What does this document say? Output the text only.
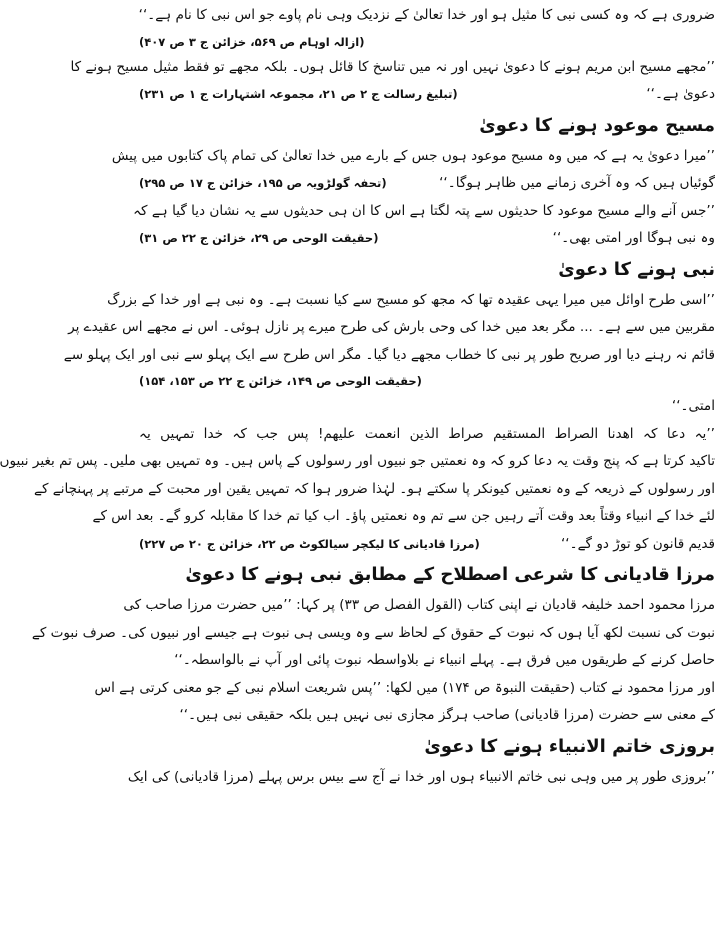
ضروری ہے کہ وہ کسی نبی کا مثیل ہو اور خدا تعالیٰ کے نزدیک وہی نام پاوے جو اس نبی کا نام ہے۔‘‘
(ازالہ اوہام ص ۵۶۹، خزائن ج ۳ ص ۴۰۷)
’’مجھے مسیح ابن مریم ہونے کا دعویٰ نہیں اور نہ میں تناسخ کا قائل ہوں۔ بلکہ مجھے تو فقط مثیل مسیح ہونے کا
دعویٰ ہے۔‘‘
(تبلیغ رسالت ج ۲ ص ۲۱، مجموعہ اشتہارات ج ۱ ص ۲۳۱)
مسیح موعود ہونے کا دعویٰ
’’میرا دعویٰ یہ ہے کہ میں وہ مسیح موعود ہوں جس کے بارے میں خدا تعالیٰ کی تمام پاک کتابوں میں پیش
گوئیاں ہیں کہ وہ آخری زمانے میں ظاہر ہوگا۔‘‘
(تحفہ گولڑویہ ص ۱۹۵، خزائن ج ۱۷ ص ۲۹۵)
’’جس آنے والے مسیح موعود کا حدیثوں سے پتہ لگتا ہے اس کا ان ہی حدیثوں سے یہ نشان دیا گیا ہے کہ
وہ نبی ہوگا اور امتی بھی۔‘‘
(حقیقت الوحی ص ۲۹، خزائن ج ۲۲ ص ۳۱)
نبی ہونے کا دعویٰ
’’اسی طرح اوائل میں میرا یہی عقیدہ تھا کہ مجھ کو مسیح سے کیا نسبت ہے۔ وہ نبی ہے اور خدا کے بزرگ
مقربین میں سے ہے۔ ... مگر بعد میں خدا کی وحی بارش کی طرح میرے پر نازل ہوئی۔ اس نے مجھے اس عقیدے پر
قائم نہ رہنے دیا اور صریح طور پر نبی کا خطاب مجھے دیا گیا۔ مگر اس طرح سے ایک پہلو سے نبی اور ایک پہلو سے
(حقیقت الوحی ص ۱۴۹، خزائن ج ۲۲ ص ۱۵۳، ۱۵۴)
امتی۔‘‘
’’یہ دعا کہ اھدنا الصراط المستقیم صراط الذین انعمت علیھم! پس جب کہ خدا تمہیں یہ
تاکید کرتا ہے کہ پنج وقت یہ دعا کرو کہ وہ نعمتیں جو نبیوں اور رسولوں کے پاس ہیں۔ وہ تمہیں بھی ملیں۔ پس تم بغیر نبیوں
اور رسولوں کے ذریعہ کے وہ نعمتیں کیونکر پا سکتے ہو۔ لہٰذا ضرور ہوا کہ تمہیں یقین اور محبت کے مرتبے پر پہنچانے کے
لئے خدا کے انبیاء وقتاً بعد وقت آتے رہیں جن سے تم وہ نعمتیں پاؤ۔ اب کیا تم خدا کا مقابلہ کرو گے۔ بعد اس کے
قدیم قانون کو توڑ دو گے۔‘‘
(مرزا قادیانی کا لیکچر سیالکوٹ ص ۲۲، خزائن ج ۲۰ ص ۲۲۷)
مرزا قادیانی کا شرعی اصطلاح کے مطابق نبی ہونے کا دعویٰ
مرزا محمود احمد خلیفہ قادیان نے اپنی کتاب (القول الفصل ص ۳۳) پر کہا: ’’میں حضرت مرزا صاحب کی
نبوت کی نسبت لکھ آیا ہوں کہ نبوت کے حقوق کے لحاظ سے وہ ویسی ہی نبوت ہے جیسے اور نبیوں کی۔ صرف نبوت کے
حاصل کرنے کے طریقوں میں فرق ہے۔ پہلے انبیاء نے بلاواسطہ نبوت پائی اور آپ نے بالواسطہ۔‘‘
اور مرزا محمود نے کتاب (حقیقت النبوۃ ص ۱۷۴) میں لکھا: ’’پس شریعت اسلام نبی کے جو معنی کرتی ہے اس
کے معنی سے حضرت (مرزا قادیانی) صاحب ہرگز مجازی نبی نہیں ہیں بلکہ حقیقی نبی ہیں۔‘‘
بروزی خاتم الانبیاء ہونے کا دعویٰ
’’بروزی طور پر میں وہی نبی خاتم الانبیاء ہوں اور خدا نے آج سے بیس برس پہلے (مرزا قادیانی) کی ایک
